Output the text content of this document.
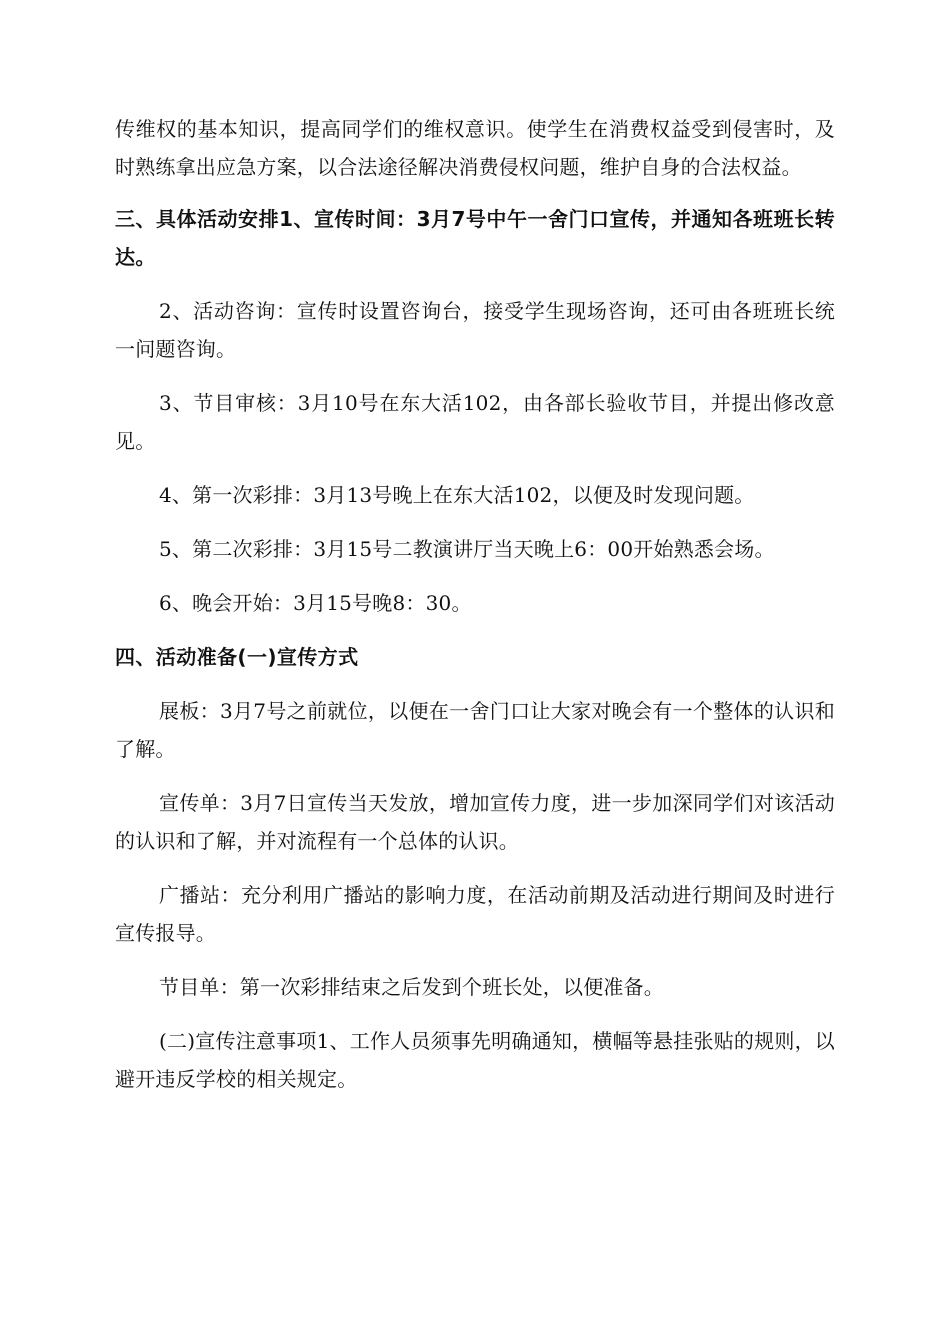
传维权的基本知识，提高同学们的维权意识。使学生在消费权益受到侵害时，及时熟练拿出应急方案，以合法途径解决消费侵权问题，维护自身的合法权益。

三、具体活动安排1、宣传时间：3月7号中午一舍门口宣传，并通知各班班长转达。

2、活动咨询：宣传时设置咨询台，接受学生现场咨询，还可由各班班长统一问题咨询。

3、节目审核：3月10号在东大活102，由各部长验收节目，并提出修改意见。

4、第一次彩排：3月13号晚上在东大活102，以便及时发现问题。

5、第二次彩排：3月15号二教演讲厅当天晚上6：00开始熟悉会场。

6、晚会开始：3月15号晚8：30。

四、活动准备(一)宣传方式

展板：3月7号之前就位，以便在一舍门口让大家对晚会有一个整体的认识和了解。

宣传单：3月7日宣传当天发放，增加宣传力度，进一步加深同学们对该活动的认识和了解，并对流程有一个总体的认识。

广播站：充分利用广播站的影响力度，在活动前期及活动进行期间及时进行宣传报导。

节目单：第一次彩排结束之后发到个班长处，以便准备。

(二)宣传注意事项1、工作人员须事先明确通知，横幅等悬挂张贴的规则，以避开违反学校的相关规定。
